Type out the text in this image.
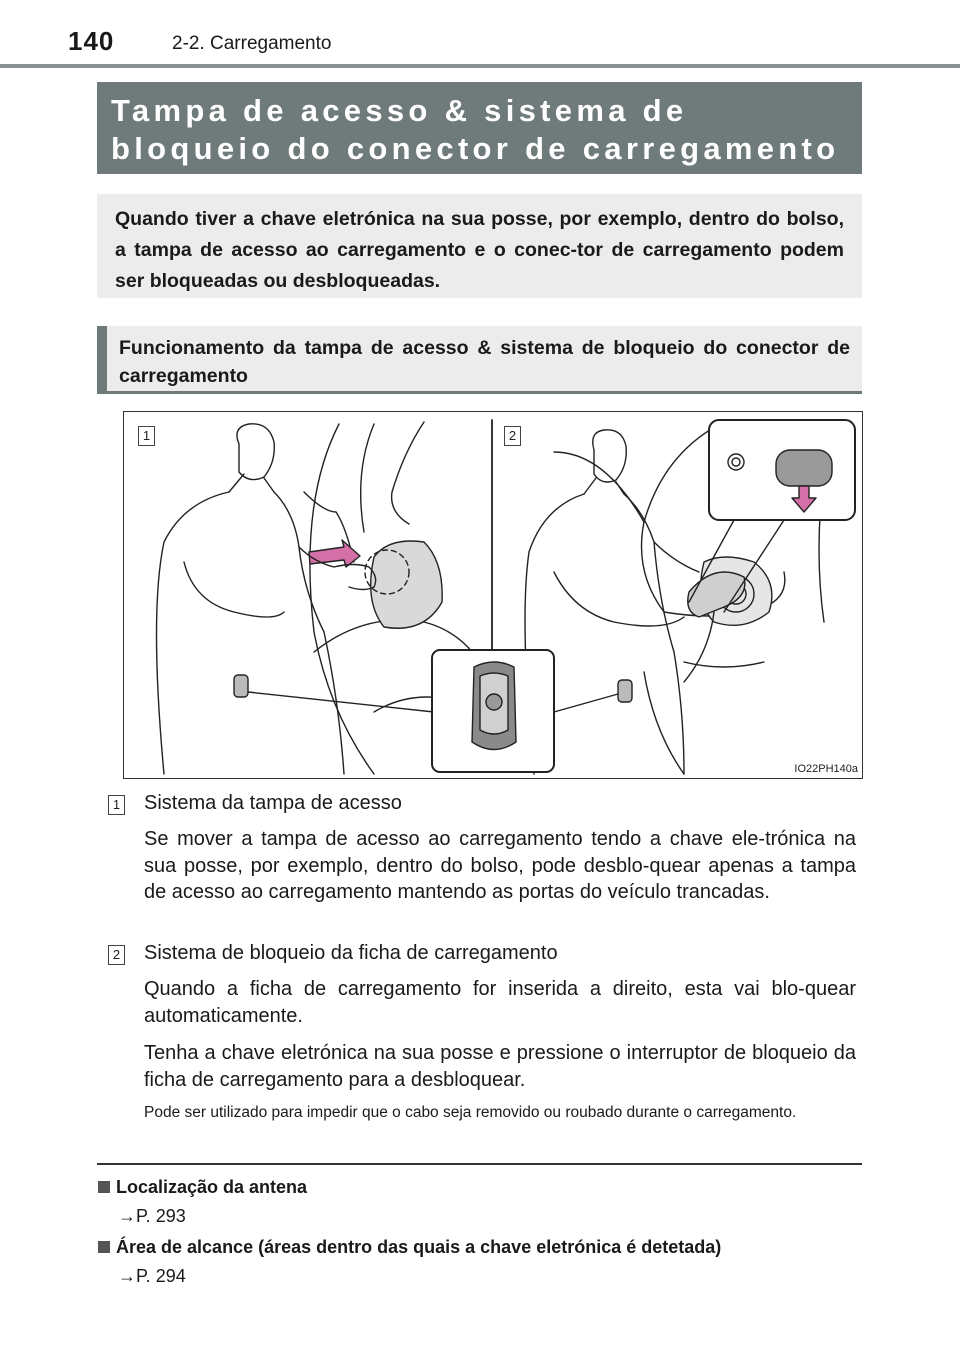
140	2-2. Carregamento
Tampa de acesso & sistema de bloqueio do conector de carregamento

Quando tiver a chave eletrónica na sua posse, por exemplo, dentro do bolso, a tampa de acesso ao carregamento e o conec-tor de carregamento podem ser bloqueadas ou desbloqueadas.

Funcionamento da tampa de acesso & sistema de bloqueio do conector de carregamento

1	2
IO22PH140a
1 Sistema da tampa de acesso
Se mover a tampa de acesso ao carregamento tendo a chave ele-trónica na sua posse, por exemplo, dentro do bolso, pode desblo-quear apenas a tampa de acesso ao carregamento mantendo as portas do veículo trancadas.
2 Sistema de bloqueio da ficha de carregamento
Quando a ficha de carregamento for inserida a direito, esta vai blo-quear automaticamente.
Tenha a chave eletrónica na sua posse e pressione o interruptor de bloqueio da ficha de carregamento para a desbloquear.
Pode ser utilizado para impedir que o cabo seja removido ou roubado durante o carregamento.
Localização da antena
→P. 293
Área de alcance (áreas dentro das quais a chave eletrónica é detetada)
→P. 294
